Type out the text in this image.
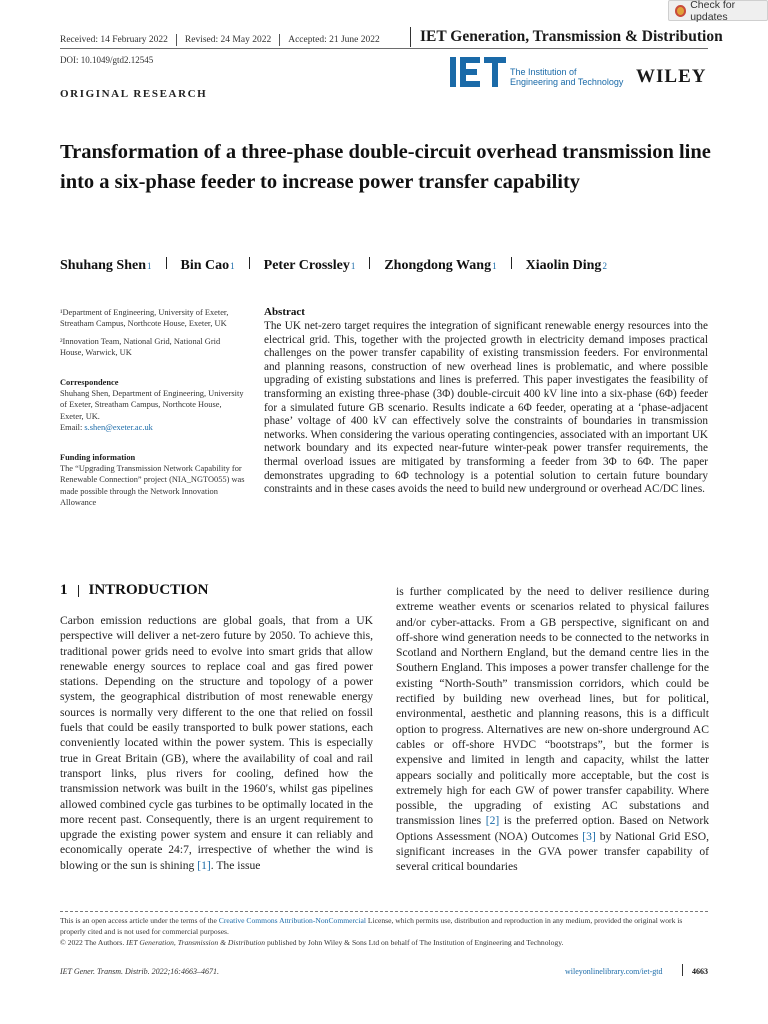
Check for updates
Received: 14 February 2022 Revised: 24 May 2022 Accepted: 21 June 2022	IET Generation, Transmission & Distribution
DOI: 10.1049/gtd2.12545
IET
The Institution of
Engineering and Technology WILEY
ORIGINAL RESEARCH
Transformation of a three-phase double-circuit overhead transmission line into a six-phase feeder to increase power transfer capability
Shuhang Shen 1 Bin Cao 1 Peter Crossley 1 Zhongdong Wang 1 Xiaolin Ding 2
¹Department of Engineering, University of Exeter, Streatham Campus, Northcote House, Exeter, UK
²Innovation Team, National Grid, National Grid House, Warwick, UK
Correspondence
Shuhang Shen, Department of Engineering, University of Exeter, Streatham Campus, Northcote House, Exeter, UK.
Email: s.shen@exeter.ac.uk
Funding information
The “Upgrading Transmission Network Capability for Renewable Connection” project (NIA_NGTO055) was made possible through the Network Innovation Allowance
Abstract
The UK net-zero target requires the integration of significant renewable energy resources into the electrical grid. This, together with the projected growth in electricity demand imposes practical challenges on the power transfer capability of existing transmission feeders. For environmental and planning reasons, construction of new overhead lines is problematic, and where possible upgrading of existing substations and lines is preferred. This paper investigates the feasibility of transforming an existing three-phase (3Φ) double-circuit 400 kV line into a six-phase (6Φ) feeder for a simulated future GB scenario. Results indicate a 6Φ feeder, operating at a ‘phase-adjacent phase’ voltage of 400 kV can effectively solve the constraints of boundaries in transmission networks. When considering the various operating contingencies, associated with an important UK network boundary and its expected near-future winter-peak power transfer requirements, the thermal overload issues are mitigated by transforming a feeder from 3Φ to 6Φ. The paper demonstrates upgrading to 6Φ technology is a potential solution to certain future boundary constraints and in these cases avoids the need to build new underground or overhead AC/DC lines.
1 INTRODUCTION
Carbon emission reductions are global goals, that from a UK perspective will deliver a net-zero future by 2050. To achieve this, traditional power grids need to evolve into smart grids that allow renewable energy sources to replace coal and gas fired power stations. Depending on the structure and topology of a power system, the geographical distribution of most renewable energy sources is normally very different to the one that relied on fossil fuels that could be easily transported to bulk power stations, each conveniently located within the power system. This is especially true in Great Britain (GB), where the availability of coal and rail transport links, plus rivers for cooling, defined how the transmission network was built in the 1960′s, whilst gas pipelines allowed combined cycle gas turbines to be optimally located in the more recent past. Consequently, there is an urgent requirement to upgrade the existing power system and ensure it can reliably and economically operate 24:7, irrespective of whether the wind is blowing or the sun is shining [1]. The issue
is further complicated by the need to deliver resilience during extreme weather events or scenarios related to physical failures and/or cyber-attacks. From a GB perspective, significant on and off-shore wind generation needs to be connected to the networks in Scotland and Northern England, but the demand centre lies in the Southern England. This imposes a power transfer challenge for the existing “North-South” transmission corridors, which could be rectified by building new overhead lines, but for political, environmental, aesthetic and planning reasons, this is a difficult option to progress. Alternatives are new on-shore underground AC cables or off-shore HVDC “bootstraps”, but the former is expensive and limited in length and capacity, whilst the latter appears socially and politically more acceptable, but the cost is extremely high for each GW of power transfer capability. Where possible, the upgrading of existing AC substations and transmission lines [2] is the preferred option. Based on Network Options Assessment (NOA) Outcomes [3] by National Grid ESO, significant increases in the GVA power transfer capability of several critical boundaries
This is an open access article under the terms of the Creative Commons Attribution-NonCommercial License, which permits use, distribution and reproduction in any medium, provided the original work is properly cited and is not used for commercial purposes.
© 2022 The Authors. IET Generation, Transmission & Distribution published by John Wiley & Sons Ltd on behalf of The Institution of Engineering and Technology.
IET Gener. Transm. Distrib. 2022;16:4663–4671.	wileyonlinelibrary.com/iet-gtd	4663
